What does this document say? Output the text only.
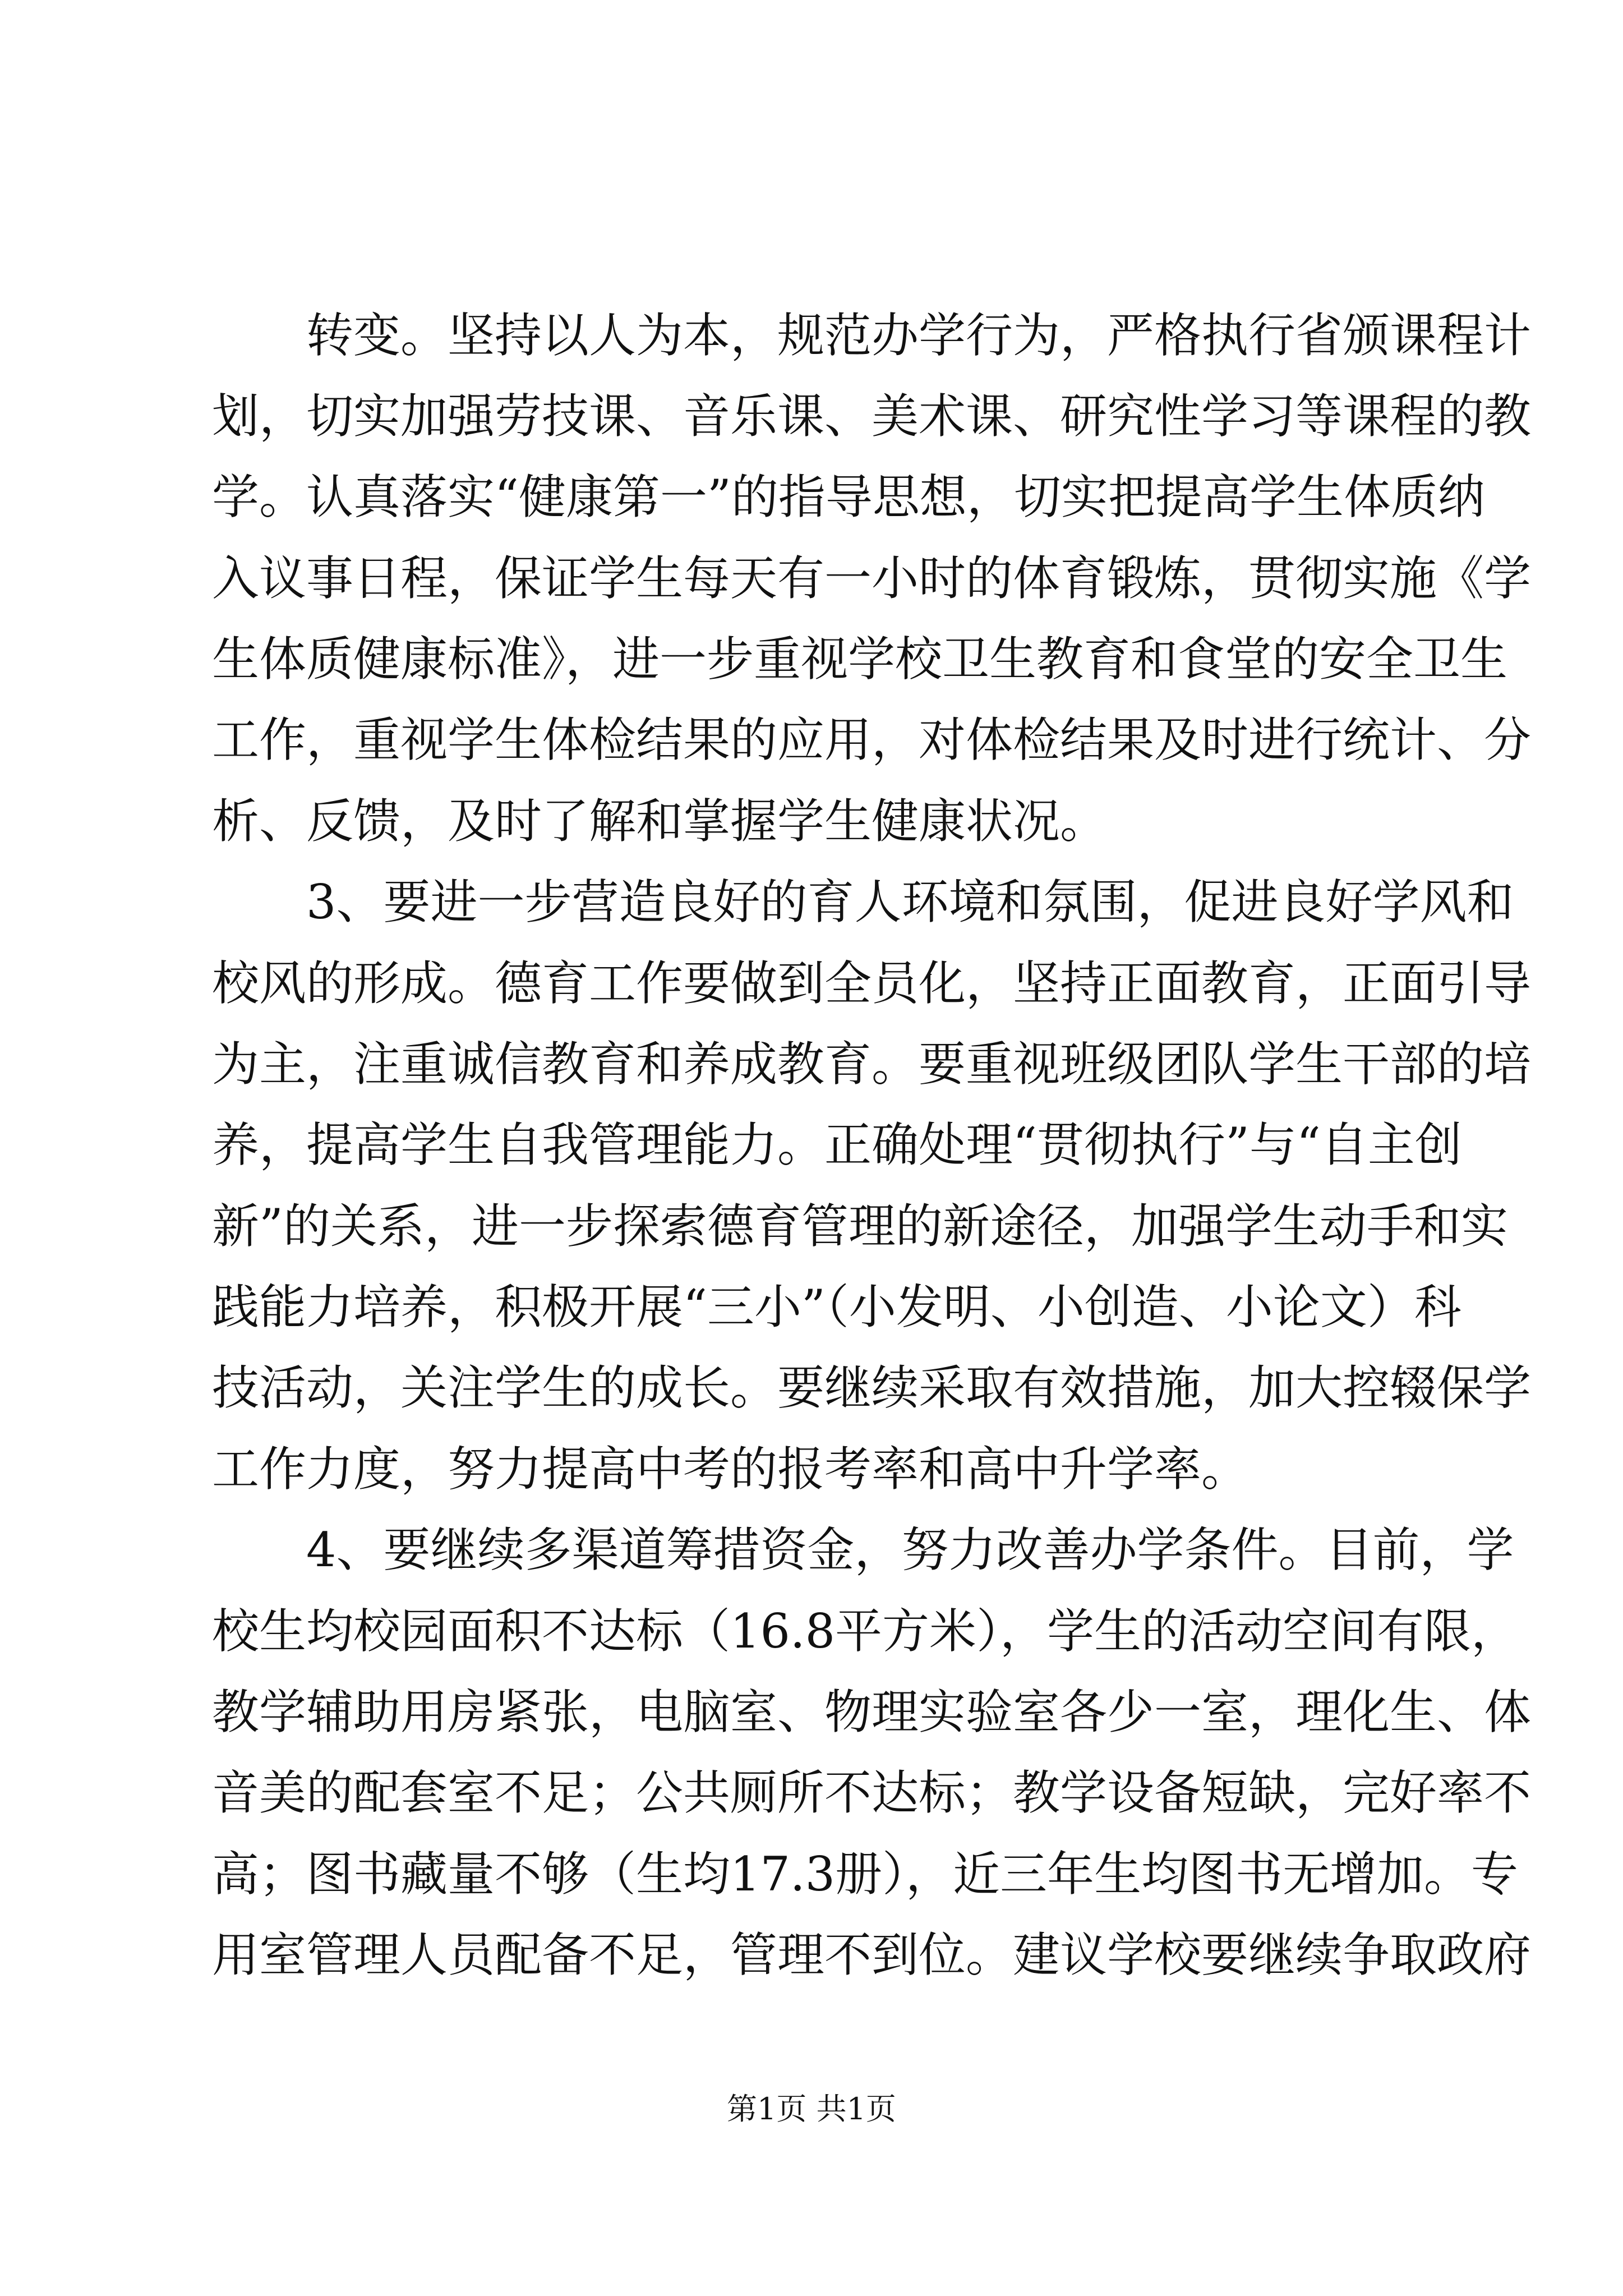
　　转变。坚持以人为本，规范办学行为，严格执行省颁课程计
划，切实加强劳技课、音乐课、美术课、研究性学习等课程的教
学。认真落实“健康第一”的指导思想，切实把提高学生体质纳
入议事日程，保证学生每天有一小时的体育锻炼，贯彻实施《学
生体质健康标准》，进一步重视学校卫生教育和食堂的安全卫生
工作，重视学生体检结果的应用，对体检结果及时进行统计、分
析、反馈，及时了解和掌握学生健康状况。
　　3、要进一步营造良好的育人环境和氛围，促进良好学风和
校风的形成。德育工作要做到全员化，坚持正面教育，正面引导
为主，注重诚信教育和养成教育。要重视班级团队学生干部的培
养，提高学生自我管理能力。正确处理“贯彻执行”与“自主创
新”的关系，进一步探索德育管理的新途径，加强学生动手和实
践能力培养，积极开展“三小”（小发明、小创造、小论文）科
技活动，关注学生的成长。要继续采取有效措施，加大控辍保学
工作力度，努力提高中考的报考率和高中升学率。
　　4、要继续多渠道筹措资金，努力改善办学条件。目前，学
校生均校园面积不达标（16.8平方米），学生的活动空间有限，
教学辅助用房紧张，电脑室、物理实验室各少一室，理化生、体
音美的配套室不足；公共厕所不达标；教学设备短缺，完好率不
高；图书藏量不够（生均17.3册），近三年生均图书无增加。专
用室管理人员配备不足，管理不到位。建议学校要继续争取政府
第1页 共1页
